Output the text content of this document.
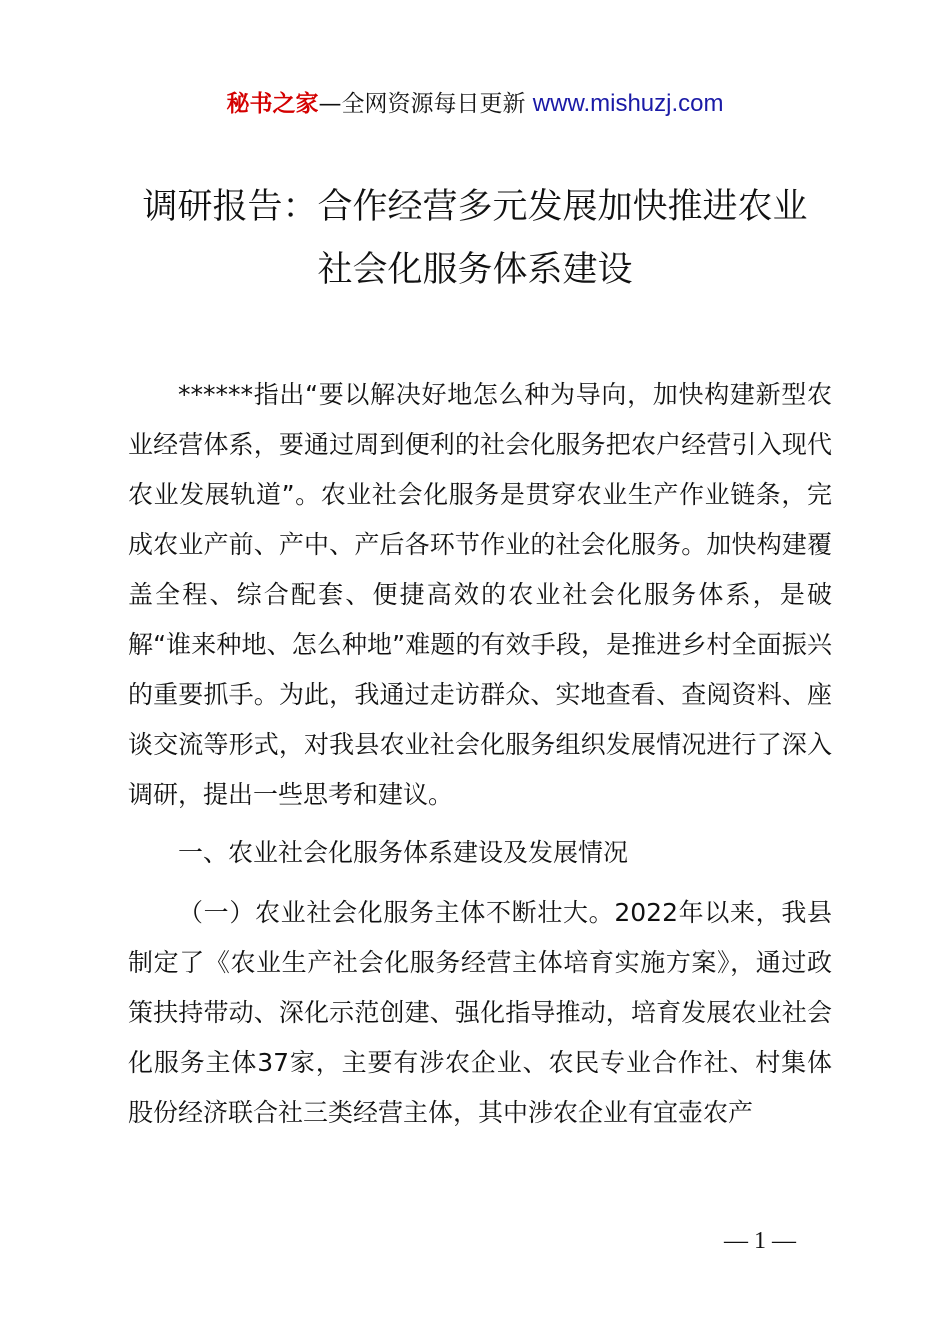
秘书之家—全网资源每日更新 www.mishuzj.com
调研报告：合作经营多元发展加快推进农业
社会化服务体系建设

******指出“要以解决好地怎么种为导向，加快构建新型农业经营体系，要通过周到便利的社会化服务把农户经营引入现代农业发展轨道”。农业社会化服务是贯穿农业生产作业链条，完成农业产前、产中、产后各环节作业的社会化服务。加快构建覆盖全程、综合配套、便捷高效的农业社会化服务体系，是破解“谁来种地、怎么种地”难题的有效手段，是推进乡村全面振兴的重要抓手。为此，我通过走访群众、实地查看、查阅资料、座谈交流等形式，对我县农业社会化服务组织发展情况进行了深入调研，提出一些思考和建议。

一、农业社会化服务体系建设及发展情况

（一）农业社会化服务主体不断壮大。2022年以来，我县制定了《农业生产社会化服务经营主体培育实施方案》，通过政策扶持带动、深化示范创建、强化指导推动，培育发展农业社会化服务主体37家，主要有涉农企业、农民专业合作社、村集体股份经济联合社三类经营主体，其中涉农企业有宜壶农产

— 1 —
